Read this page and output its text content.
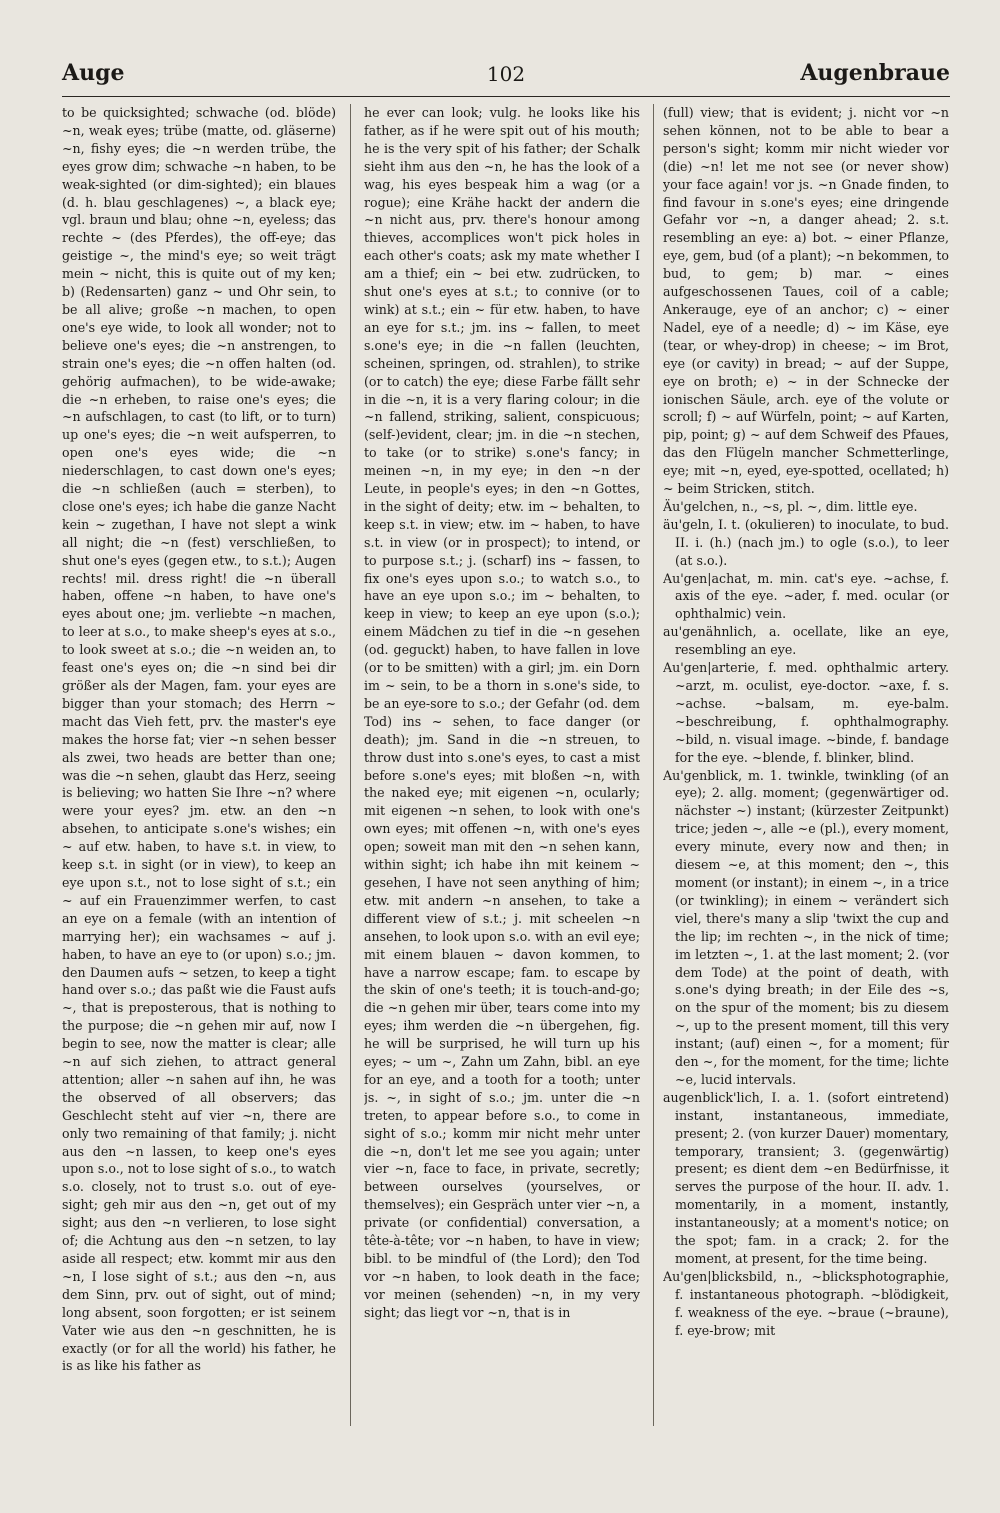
Auge	102	Augenbraue

to be quicksighted; schwache (od. blöde) ~n, weak eyes; trübe (matte, od. gläserne) ~n, fishy eyes; die ~n werden trübe, the eyes grow dim; schwache ~n haben, to be weak-sighted (or dim-sighted); ein blaues (d. h. blau geschlagenes) ~, a black eye; vgl. braun und blau; ohne ~n, eyeless; das rechte ~ (des Pferdes), the off-eye; das geistige ~, the mind's eye; so weit trägt mein ~ nicht, this is quite out of my ken; b) (Redensarten) ganz ~ und Ohr sein, to be all alive; große ~n machen, to open one's eye wide, to look all wonder; not to believe one's eyes; die ~n anstrengen, to strain one's eyes; die ~n offen halten (od. gehörig aufmachen), to be wide-awake; die ~n erheben, to raise one's eyes; die ~n aufschlagen, to cast (to lift, or to turn) up one's eyes; die ~n weit aufsperren, to open one's eyes wide; die ~n niederschlagen, to cast down one's eyes; die ~n schließen (auch = sterben), to close one's eyes; ich habe die ganze Nacht kein ~ zugethan, I have not slept a wink all night; die ~n (fest) verschließen, to shut one's eyes (gegen etw., to s.t.); Augen rechts! mil. dress right! die ~n überall haben, offene ~n haben, to have one's eyes about one; jm. verliebte ~n machen, to leer at s.o., to make sheep's eyes at s.o., to look sweet at s.o.; die ~n weiden an, to feast one's eyes on; die ~n sind bei dir größer als der Magen, fam. your eyes are bigger than your stomach; des Herrn ~ macht das Vieh fett, prv. the master's eye makes the horse fat; vier ~n sehen besser als zwei, two heads are better than one; was die ~n sehen, glaubt das Herz, seeing is believing; wo hatten Sie Ihre ~n? where were your eyes? jm. etw. an den ~n absehen, to anticipate s.one's wishes; ein ~ auf etw. haben, to have s.t. in view, to keep s.t. in sight (or in view), to keep an eye upon s.t., not to lose sight of s.t.; ein ~ auf ein Frauenzimmer werfen, to cast an eye on a female (with an intention of marrying her); ein wachsames ~ auf j. haben, to have an eye to (or upon) s.o.; jm. den Daumen aufs ~ setzen, to keep a tight hand over s.o.; das paßt wie die Faust aufs ~, that is preposterous, that is nothing to the purpose; die ~n gehen mir auf, now I begin to see, now the matter is clear; alle ~n auf sich ziehen, to attract general attention; aller ~n sahen auf ihn, he was the observed of all observers; das Geschlecht steht auf vier ~n, there are only two remaining of that family; j. nicht aus den ~n lassen, to keep one's eyes upon s.o., not to lose sight of s.o., to watch s.o. closely, not to trust s.o. out of eye-sight; geh mir aus den ~n, get out of my sight; aus den ~n verlieren, to lose sight of; die Achtung aus den ~n setzen, to lay aside all respect; etw. kommt mir aus den ~n, I lose sight of s.t.; aus den ~n, aus dem Sinn, prv. out of sight, out of mind; long absent, soon forgotten; er ist seinem Vater wie aus den ~n geschnitten, he is exactly (or for all the world) his father, he is as like his father as

he ever can look; vulg. he looks like his father, as if he were spit out of his mouth; he is the very spit of his father; der Schalk sieht ihm aus den ~n, he has the look of a wag, his eyes bespeak him a wag (or a rogue); eine Krähe hackt der andern die ~n nicht aus, prv. there's honour among thieves, accomplices won't pick holes in each other's coats; ask my mate whether I am a thief; ein ~ bei etw. zudrücken, to shut one's eyes at s.t.; to connive (or to wink) at s.t.; ein ~ für etw. haben, to have an eye for s.t.; jm. ins ~ fallen, to meet s.one's eye; in die ~n fallen (leuchten, scheinen, springen, od. strahlen), to strike (or to catch) the eye; diese Farbe fällt sehr in die ~n, it is a very flaring colour; in die ~n fallend, striking, salient, conspicuous; (self-)evident, clear; jm. in die ~n stechen, to take (or to strike) s.one's fancy; in meinen ~n, in my eye; in den ~n der Leute, in people's eyes; in den ~n Gottes, in the sight of deity; etw. im ~ behalten, to keep s.t. in view; etw. im ~ haben, to have s.t. in view (or in prospect); to intend, or to purpose s.t.; j. (scharf) ins ~ fassen, to fix one's eyes upon s.o.; to watch s.o., to have an eye upon s.o.; im ~ behalten, to keep in view; to keep an eye upon (s.o.); einem Mädchen zu tief in die ~n gesehen (od. geguckt) haben, to have fallen in love (or to be smitten) with a girl; jm. ein Dorn im ~ sein, to be a thorn in s.one's side, to be an eye-sore to s.o.; der Gefahr (od. dem Tod) ins ~ sehen, to face danger (or death); jm. Sand in die ~n streuen, to throw dust into s.one's eyes, to cast a mist before s.one's eyes; mit bloßen ~n, with the naked eye; mit eigenen ~n, ocularly; mit eigenen ~n sehen, to look with one's own eyes; mit offenen ~n, with one's eyes open; soweit man mit den ~n sehen kann, within sight; ich habe ihn mit keinem ~ gesehen, I have not seen anything of him; etw. mit andern ~n ansehen, to take a different view of s.t.; j. mit scheelen ~n ansehen, to look upon s.o. with an evil eye; mit einem blauen ~ davon kommen, to have a narrow escape; fam. to escape by the skin of one's teeth; it is touch-and-go; die ~n gehen mir über, tears come into my eyes; ihm werden die ~n übergehen, fig. he will be surprised, he will turn up his eyes; ~ um ~, Zahn um Zahn, bibl. an eye for an eye, and a tooth for a tooth; unter js. ~, in sight of s.o.; jm. unter die ~n treten, to appear before s.o., to come in sight of s.o.; komm mir nicht mehr unter die ~n, don't let me see you again; unter vier ~n, face to face, in private, secretly; between ourselves (yourselves, or themselves); ein Gespräch unter vier ~n, a private (or confidential) conversation, a tête-à-tête; vor ~n haben, to have in view; bibl. to be mindful of (the Lord); den Tod vor ~n haben, to look death in the face; vor meinen (sehenden) ~n, in my very sight; das liegt vor ~n, that is in

(full) view; that is evident; j. nicht vor ~n sehen können, not to be able to bear a person's sight; komm mir nicht wieder vor (die) ~n! let me not see (or never show) your face again! vor js. ~n Gnade finden, to find favour in s.one's eyes; eine dringende Gefahr vor ~n, a danger ahead; 2. s.t. resembling an eye: a) bot. ~ einer Pflanze, eye, gem, bud (of a plant); ~n bekommen, to bud, to gem; b) mar. ~ eines aufgeschossenen Taues, coil of a cable; Ankerauge, eye of an anchor; c) ~ einer Nadel, eye of a needle; d) ~ im Käse, eye (tear, or whey-drop) in cheese; ~ im Brot, eye (or cavity) in bread; ~ auf der Suppe, eye on broth; e) ~ in der Schnecke der ionischen Säule, arch. eye of the volute or scroll; f) ~ auf Würfeln, point; ~ auf Karten, pip, point; g) ~ auf dem Schweif des Pfaues, das den Flügeln mancher Schmetterlinge, eye; mit ~n, eyed, eye-spotted, ocellated; h) ~ beim Stricken, stitch.

Äu'gelchen, n., ~s, pl. ~, dim. little eye.

äu'geln, I. t. (okulieren) to inoculate, to bud. II. i. (h.) (nach jm.) to ogle (s.o.), to leer (at s.o.).

Au'gen|achat, m. min. cat's eye. ~achse, f. axis of the eye. ~ader, f. med. ocular (or ophthalmic) vein.

au'genähnlich, a. ocellate, like an eye, resembling an eye.

Au'gen|arterie, f. med. ophthalmic artery. ~arzt, m. oculist, eye-doctor. ~axe, f. s. ~achse. ~balsam, m. eye-balm. ~beschreibung, f. ophthalmography. ~bild, n. visual image. ~binde, f. bandage for the eye. ~blende, f. blinker, blind.

Au'genblick, m. 1. twinkle, twinkling (of an eye); 2. allg. moment; (gegenwärtiger od. nächster ~) instant; (kürzester Zeitpunkt) trice; jeden ~, alle ~e (pl.), every moment, every minute, every now and then; in diesem ~e, at this moment; den ~, this moment (or instant); in einem ~, in a trice (or twinkling); in einem ~ verändert sich viel, there's many a slip 'twixt the cup and the lip; im rechten ~, in the nick of time; im letzten ~, 1. at the last moment; 2. (vor dem Tode) at the point of death, with s.one's dying breath; in der Eile des ~s, on the spur of the moment; bis zu diesem ~, up to the present moment, till this very instant; (auf) einen ~, for a moment; für den ~, for the moment, for the time; lichte ~e, lucid intervals.

augenblick'lich, I. a. 1. (sofort eintretend) instant, instantaneous, immediate, present; 2. (von kurzer Dauer) momentary, temporary, transient; 3. (gegenwärtig) present; es dient dem ~en Bedürfnisse, it serves the purpose of the hour. II. adv. 1. momentarily, in a moment, instantly, instantaneously; at a moment's notice; on the spot; fam. in a crack; 2. for the moment, at present, for the time being.

Au'gen|blicksbild, n., ~blicksphotographie, f. instantaneous photograph. ~blödigkeit, f. weakness of the eye. ~braue (~braune), f. eye-brow; mit
